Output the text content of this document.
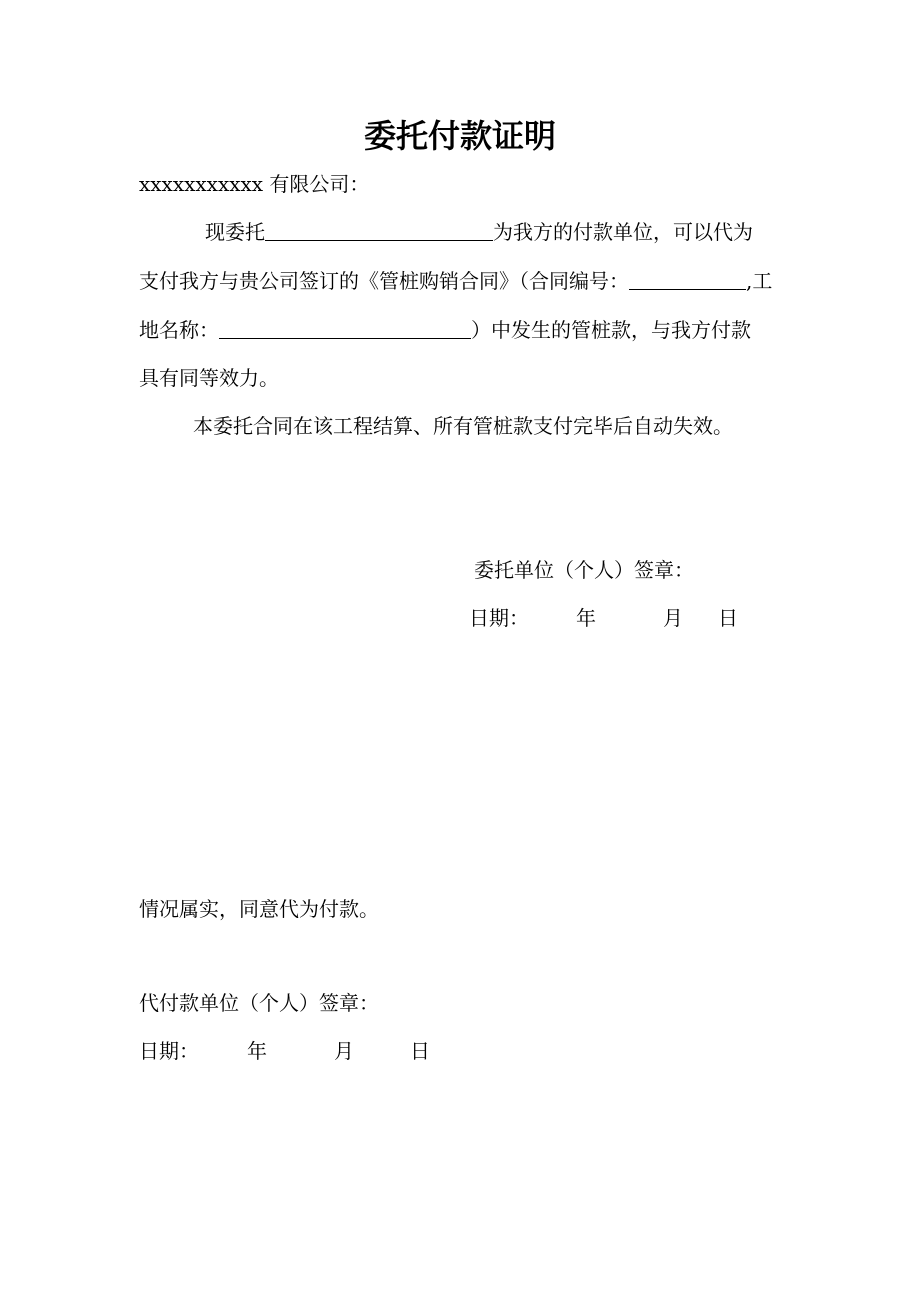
委托付款证明
xxxxxxxxxxx 有限公司：
现委托	为我方的付款单位，可以代为
支付我方与贵公司签订的《管桩购销合同》（合同编号：	,工
地名称：	）中发生的管桩款，与我方付款
具有同等效力。
本委托合同在该工程结算、所有管桩款支付完毕后自动失效。
委托单位（个人）签章：
日期： 年	月 日
情况属实，同意代为付款。
代付款单位（个人）签章：
日期： 年	月	日
